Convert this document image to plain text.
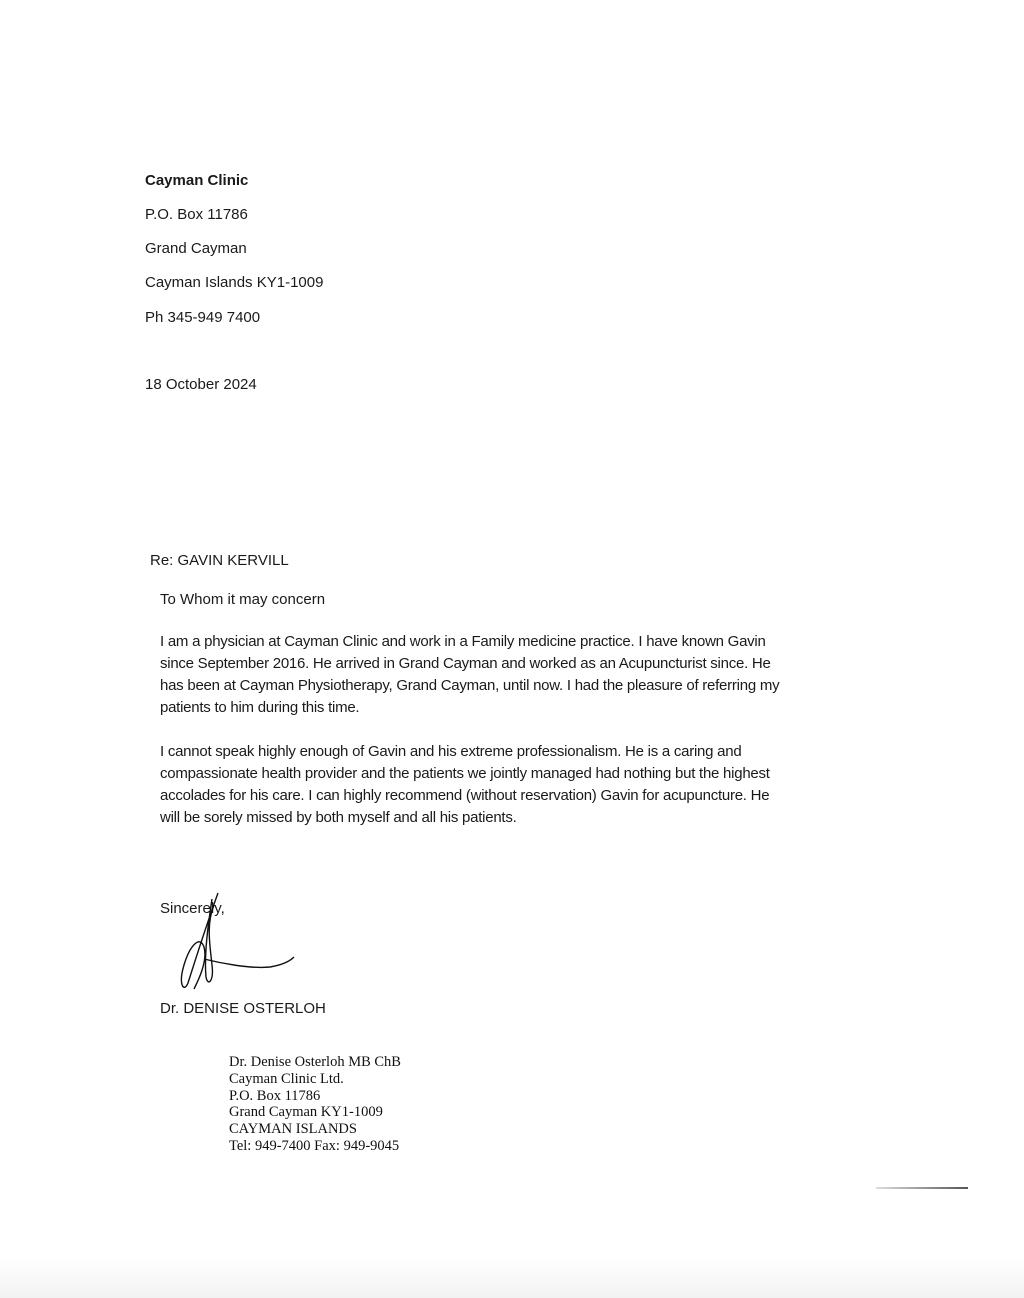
Cayman Clinic
P.O. Box 11786
Grand Cayman
Cayman Islands KY1-1009
Ph 345-949 7400
18 October 2024
Re: GAVIN KERVILL
To Whom it may concern
I am a physician at Cayman Clinic and work in a Family medicine practice. I have known Gavin
since September 2016. He arrived in Grand Cayman and worked as an Acupuncturist since. He
has been at Cayman Physiotherapy, Grand Cayman, until now. I had the pleasure of referring my
patients to him during this time.
I cannot speak highly enough of Gavin and his extreme professionalism. He is a caring and
compassionate health provider and the patients we jointly managed had nothing but the highest
accolades for his care. I can highly recommend (without reservation) Gavin for acupuncture. He
will be sorely missed by both myself and all his patients.
Sincerely,
Dr. DENISE OSTERLOH
Dr. Denise Osterloh MB ChB
Cayman Clinic Ltd.
P.O. Box 11786
Grand Cayman KY1-1009
CAYMAN ISLANDS
Tel: 949-7400 Fax: 949-9045
